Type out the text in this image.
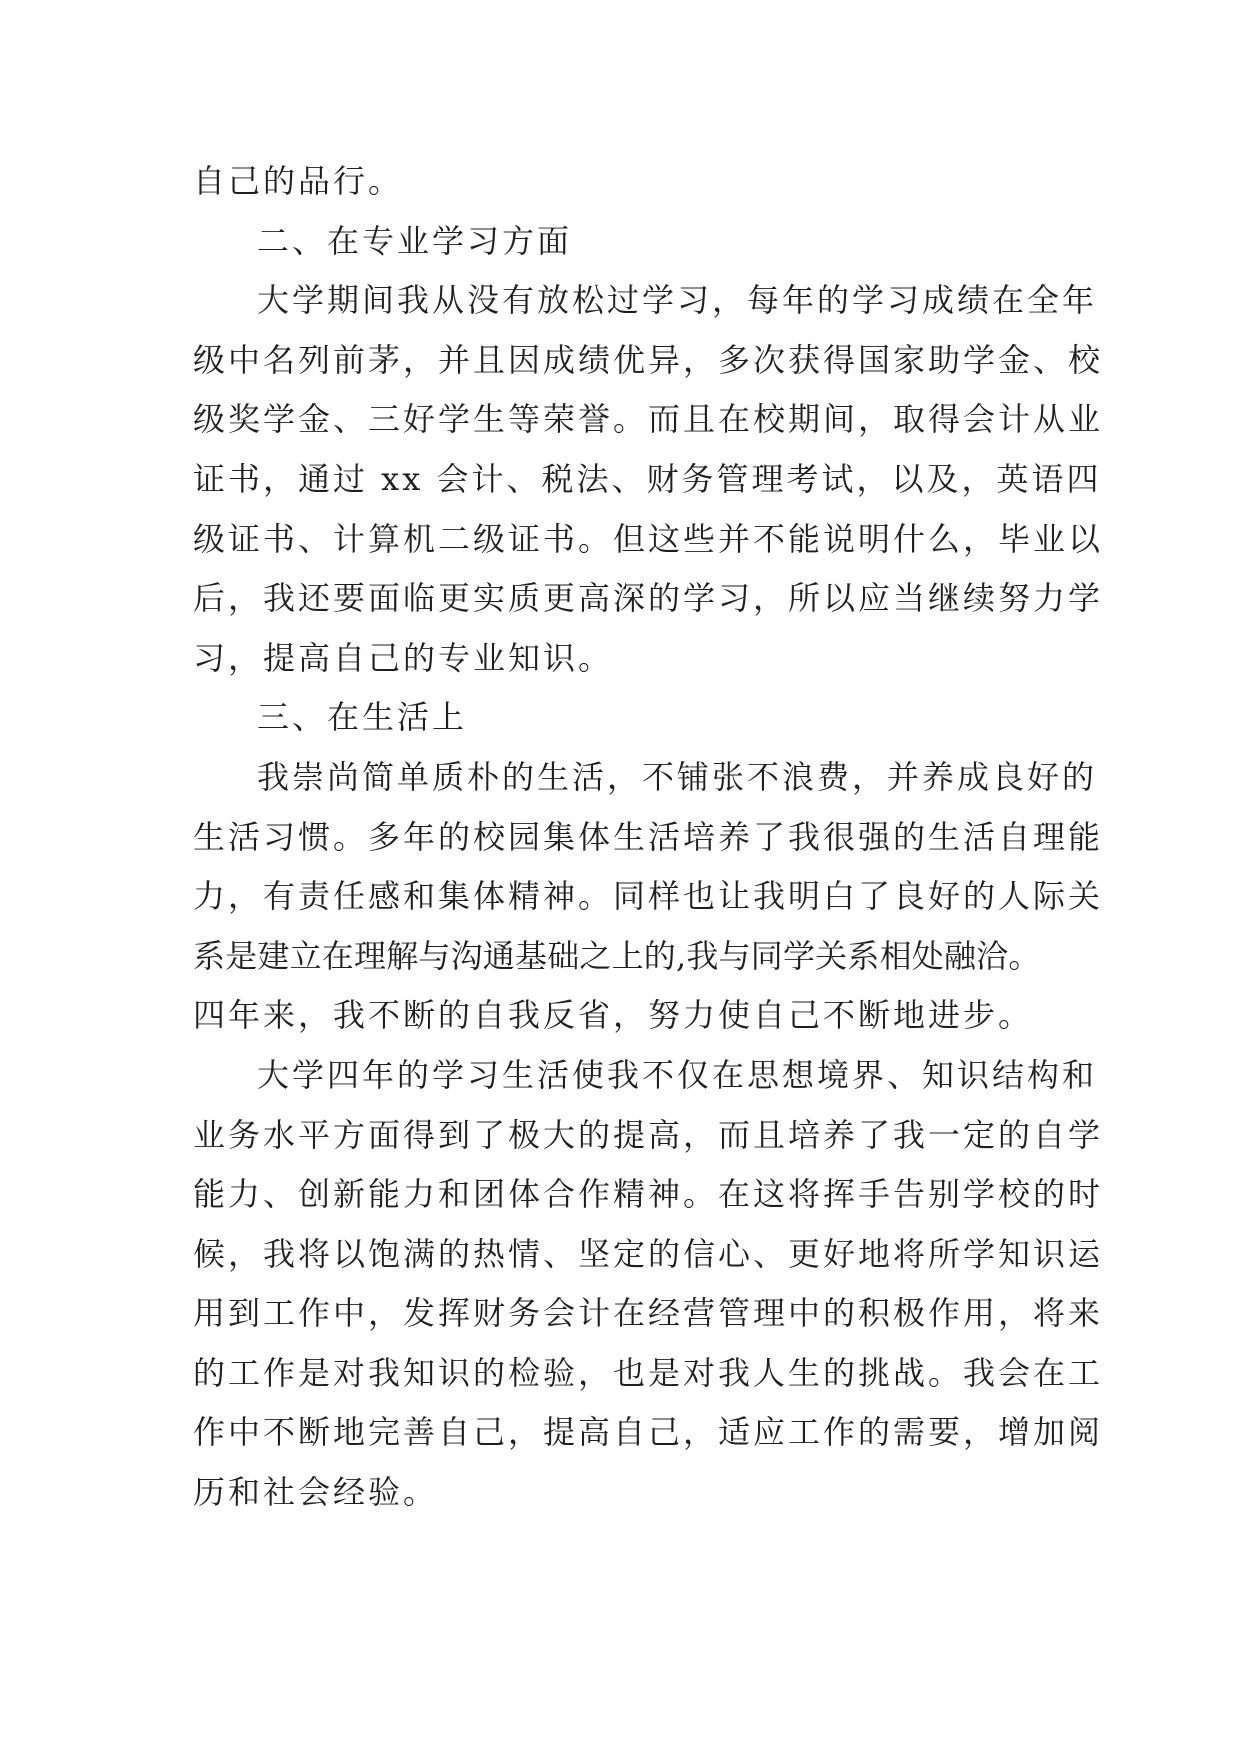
自己的品行。

二、在专业学习方面

大学期间我从没有放松过学习，每年的学习成绩在全年

级中名列前茅，并且因成绩优异，多次获得国家助学金、校

级奖学金、三好学生等荣誉。而且在校期间，取得会计从业

证书，通过 xx 会计、税法、财务管理考试，以及，英语四

级证书、计算机二级证书。但这些并不能说明什么，毕业以

后，我还要面临更实质更高深的学习，所以应当继续努力学

习，提高自己的专业知识。

三、在生活上

我崇尚简单质朴的生活，不铺张不浪费，并养成良好的

生活习惯。多年的校园集体生活培养了我很强的生活自理能

力，有责任感和集体精神。同样也让我明白了良好的人际关

系是建立在理解与沟通基础之上的,我与同学关系相处融洽。

四年来，我不断的自我反省，努力使自己不断地进步。

大学四年的学习生活使我不仅在思想境界、知识结构和

业务水平方面得到了极大的提高，而且培养了我一定的自学

能力、创新能力和团体合作精神。在这将挥手告别学校的时

候，我将以饱满的热情、坚定的信心、更好地将所学知识运

用到工作中，发挥财务会计在经营管理中的积极作用，将来

的工作是对我知识的检验，也是对我人生的挑战。我会在工

作中不断地完善自己，提高自己，适应工作的需要，增加阅

历和社会经验。
